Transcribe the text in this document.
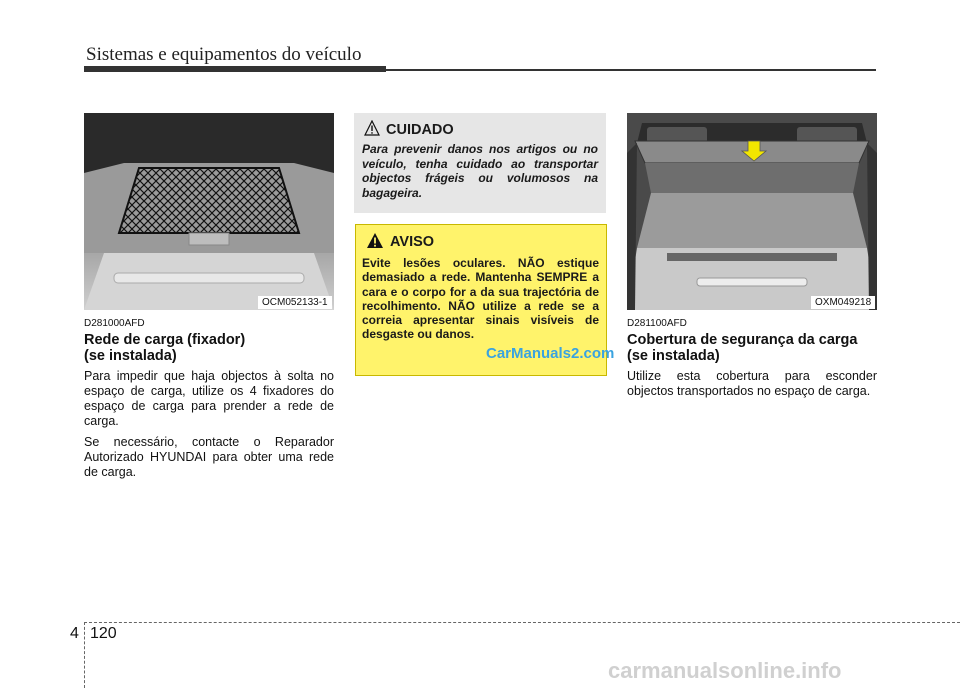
Sistemas e equipamentos do veículo
OCM052133-1
D281000AFD
Rede de carga (fixador)
(se instalada)

Para impedir que haja objectos à solta no espaço de carga, utilize os 4 fixadores do espaço de carga para prender a rede de carga.

Se necessário, contacte o Reparador Autorizado HYUNDAI para obter uma rede de carga.

CUIDADO
Para prevenir danos nos artigos ou no veículo, tenha cuidado ao transportar objectos frágeis ou volumosos na bagageira.
AVISO
Evite lesões oculares. NÃO estique demasiado a rede. Mantenha SEMPRE a cara e o corpo for a da sua trajectória de recolhimento. NÃO utilize a rede se a correia apresentar sinais visíveis de desgaste ou danos.
CarManuals2.com
OXM049218
D281100AFD
Cobertura de segurança da carga
(se instalada)

Utilize esta cobertura para esconder objectos transportados no espaço de carga.

4 120
carmanualsonline.info
